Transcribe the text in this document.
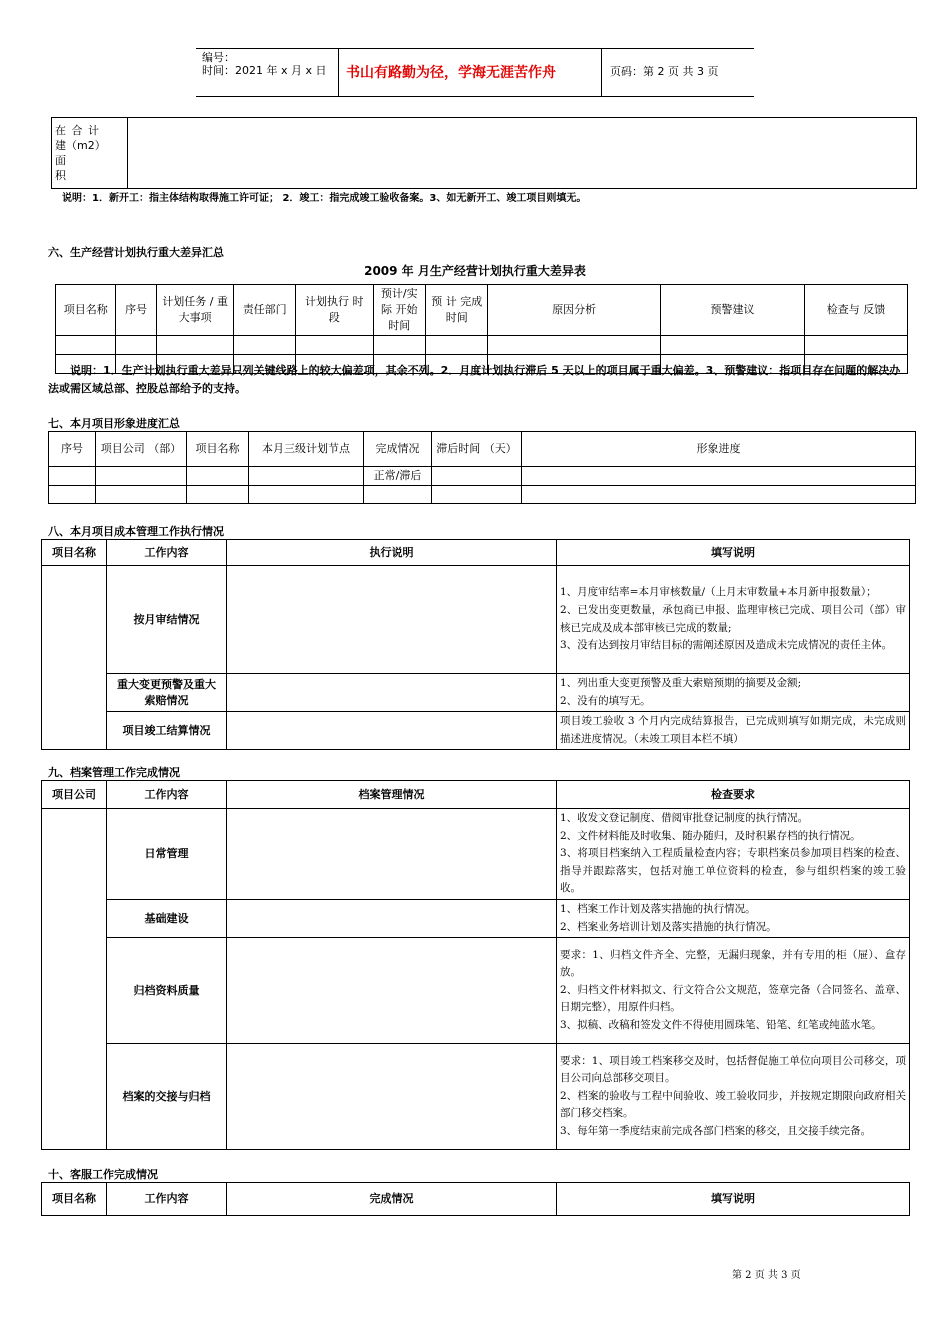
编号：
时间：2021 年 x 月 x 日 书山有路勤为径，学海无涯苦作舟	页码：第 2 页 共 3 页
在 合 计
建（m2）
面
积

说明：1．新开工：指主体结构取得施工许可证； 2．竣工：指完成竣工验收备案。3、如无新开工、竣工项目则填无。
六、生产经营计划执行重大差异汇总
2009 年 月生产经营计划执行重大差异表
项目名称	序号	计划任务 / 重大事项	责任部门	计划执行 时 段	预计/实际 开始时间	预 计 完成时间	原因分析	预警建议	检查与 反馈

说明：1．生产计划执行重大差异只列关键线路上的较大偏差项，其余不列。2．月度计划执行滞后 5 天以上的项目属于重大偏差。3、预警建议：指项目存在问题的解决办法或需区域总部、控股总部给予的支持。
七、本月项目形象进度汇总
序号	项目公司 （部）	项目名称	本月三级计划节点	完成情况	滞后时间 （天）	形象进度
				正常/滞后		

八、本月项目成本管理工作执行情况
项目名称	工作内容	执行说明	填写说明
	按月审结情况		1、月度审结率=本月审核数量/（上月末审数量+本月新申报数量）；
2、已发出变更数量，承包商已申报、监理审核已完成、项目公司（部）审核已完成及成本部审核已完成的数量;
3、没有达到按月审结目标的需阐述原因及造成未完成情况的责任主体。

	重大变更预警及重大索赔情况		1、列出重大变更预警及重大索赔预期的摘要及金额;
2、没有的填写无。

	项目竣工结算情况		项目竣工验收 3 个月内完成结算报告，已完成则填写如期完成，未完成则描述进度情况。（未竣工项目本栏不填）
九、档案管理工作完成情况
项目公司	工作内容	档案管理情况	检查要求
	日常管理		1、收发文登记制度、借阅审批登记制度的执行情况。
2、文件材料能及时收集、随办随归，及时积累存档的执行情况。
3、将项目档案纳入工程质量检查内容；专职档案员参加项目档案的检查、指导并跟踪落实，包括对施工单位资料的检查，参与组织档案的竣工验收。

	基础建设		1、档案工作计划及落实措施的执行情况。
2、档案业务培训计划及落实措施的执行情况。

	归档资料质量		要求：1、归档文件齐全、完整，无漏归现象，并有专用的柜（屉）、盒存放。
2、归档文件材料拟文、行文符合公文规范，签章完备（合同签名、盖章、日期完整），用原件归档。
3、拟稿、改稿和签发文件不得使用圆珠笔、铅笔、红笔或纯蓝水笔。

	档案的交接与归档		要求：1、项目竣工档案移交及时，包括督促施工单位向项目公司移交，项目公司向总部移交项目。
2、档案的验收与工程中间验收、竣工验收同步，并按规定期限向政府相关部门移交档案。
3、每年第一季度结束前完成各部门档案的移交，且交接手续完备。
十、客服工作完成情况
项目名称	工作内容	完成情况	填写说明
第 2 页 共 3 页
